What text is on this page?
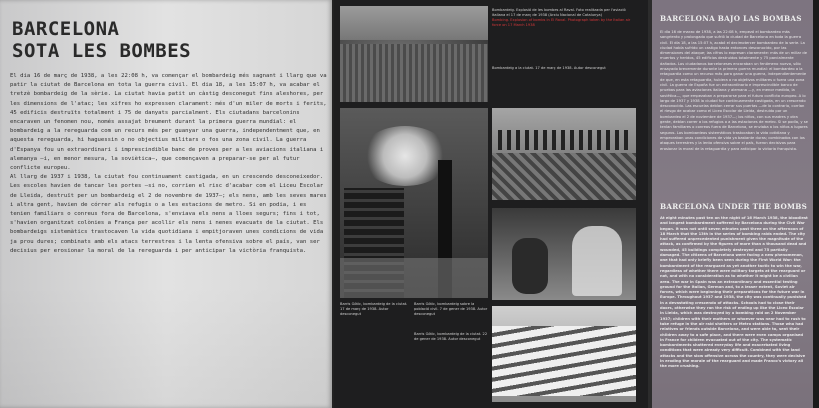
BARCELONA
SOTA LES BOMBES

El dia 16 de març de 1938, a les 22:08 h, va començar el bombardeig més sagnant i llarg que va patir la ciutat de Barcelona en tota la guerra civil. El dia 18, a les 15:07 h, va acabar el tretzè bombardeig de la sèrie. La ciutat havia patit un càstig desconegut fins aleshores, per les dimensions de l'atac; les xifres ho expressen clarament: més d'un miler de morts i ferits, 45 edificis destruïts totalment i 75 de danyats parcialment. Els ciutadans barcelonins encaraven un fenomen nou, només assajat breument durant la primera guerra mundial: el bombardeig a la rereguarda com un recurs més per guanyar una guerra, independentment que, en aquesta rereguarda, hi haguessin o no objectius militars o fos una zona civil. La guerra d'Espanya fou un extraordinari i imprescindible banc de proves per a les aviacions italiana i alemanya —i, en menor mesura, la soviètica—, que començaven a preparar-se per al futur conflicte europeu.

Al llarg de 1937 i 1938, la ciutat fou continuament castigada, en un crescendo desconeixedor. Les escoles havien de tancar les portes —si no, corrien el risc d'acabar com el Liceu Escolar de Lleida, destruït per un bombardeig el 2 de novembre de 1937—; els nens, amb les seves mares i altra gent, havien de córrer als refugis o a les estacions de metro. Si en podia, i es tenien familiars o conreus fora de Barcelona, s'enviava els nens a lloes segurs; fins i tot, s'havien organitzat colònies a França per acollir els nens i nenes evacuats de la ciutat. Els bombardeigs sistemàtics trastocaven la vida quotidiana i empitjoraven unes condicions de vida ja prou dures; combinats amb els atacs terrestres i la lenta ofensiva sobre el país, van ser decisius per erosionar la moral de la rereguarda i per anticipar la victòria franquista.

Bombardeig. Explosió de les bombes al Raval. Foto realitzada per l'aviació italiana el 17 de març de 1938 (Arxiu Nacional de Catalunya)
Bombing. Explosion of bombs in El Raval. Photograph taken by the Italian air force on 17 March 1938
Bombardeig a la ciutat. 17 de març de 1938. Autor desconegut
Barris Gòtic, bombardeig de la ciutat. 17 de març de 1938. Autor desconegut
Barris Gòtic, bombardeig sobre la població civil. 7 de gener de 1938. Autor desconegut
Barris Gòtic, bombardeig de la ciutat. 22 de gener de 1938. Autor desconegut
BARCELONA BAJO LAS BOMBAS
El día 16 de marzo de 1938, a las 22:08 h, empezó el bombardeo más sangriento y prolongado que sufrió la ciudad de Barcelona en toda la guerra civil. El día 18, a las 15:07 h, acabó el decimotercer bombardeo de la serie. La ciudad había sufrido un castigo hasta entonces desconocido, por las dimensiones del ataque; las cifras lo expresan claramente: más de un millar de muertos y heridos, 45 edificios destruidos totalmente y 75 parcialmente dañados. Los ciudadanos barceloneses encaraban un fenómeno nuevo, sólo ensayado brevemente durante la primera guerra mundial: el bombardeo a la retaguardia como un recurso más para ganar una guerra, independientemente de que, en esta retaguardia, hubiera o no objetivos militares o fuera una zona civil. La guerra de España fue un extraordinario e imprescindible banco de pruebas para las aviaciones italiana y alemana —y, en menor medida, la soviética—, que empezaban a prepararse para el futuro conflicto europeo. A lo largo de 1937 y 1938 la ciudad fue continuamente castigada, en un crescendo desconocido. Las escuelas debían cerrar sus puertas —de lo contrario, corrían el riesgo de acabar como el Liceo Escolar de Lleida, destruido por un bombardeo el 2 de noviembre de 1937—; los niños, con sus madres y otra gente, debían correr a los refugios o a las estaciones de metro. Si se podía, y se tenían familiares o conreos fuera de Barcelona, se enviaba a los niños a lugares seguros. Los bombardeos sistemáticos trastocaban la vida cotidiana y empeoraban unas condiciones de vida ya bastante duras; combinados con los ataques terrestres y la lenta ofensiva sobre el país, fueron decisivos para erosionar la moral de la retaguardia y para anticipar la victoria franquista.
BARCELONA UNDER THE BOMBS
At eight minutes past ten on the night of 16 March 1938, the bloodiest and longest bombardment suffered by Barcelona during the Civil War began. It was not until seven minutes past three on the afternoon of 18 March that the 13th in the series of bombing raids ended. The city had suffered unprecedented punishment given the magnitude of the attack, as confirmed by the figures of more than a thousand dead and wounded, 45 buildings completely destroyed and 75 partially damaged. The citizens of Barcelona were facing a new phenomenon, one that had only briefly been seen during the First World War: the bombardment of the rearguard as yet another tactic to win the war, regardless of whether there were military targets at the rearguard or not, and with no consideration as to whether it might be a civilian area. The war in Spain was an extraordinary and essential testing ground for the Italian, German and, to a lesser extent, Soviet air forces, which were beginning their preparations for the future war in Europe. Throughout 1937 and 1938, the city was continually punished in a devastating crescendo of attacks. Schools had to close their doors, otherwise they ran the risk of ending up like the Liceo Escolar in Lleida, which was destroyed by a bombing raid on 2 November 1937; children with their mothers or whoever was near had to rush to take refuge in the air raid shelters or Metro stations. Those who had relatives or friends outside Barcelona, and were able to, sent their children away to a safe place, and there were even camps organised in France for children evacuated out of the city. The systematic bombardments shattered everyday life and exacerbated living conditions that were already very difficult. Combined with the land attacks and the slow offensive across the country, they were decisive in eroding the morale of the rearguard and made Franco's victory all the more crushing.
